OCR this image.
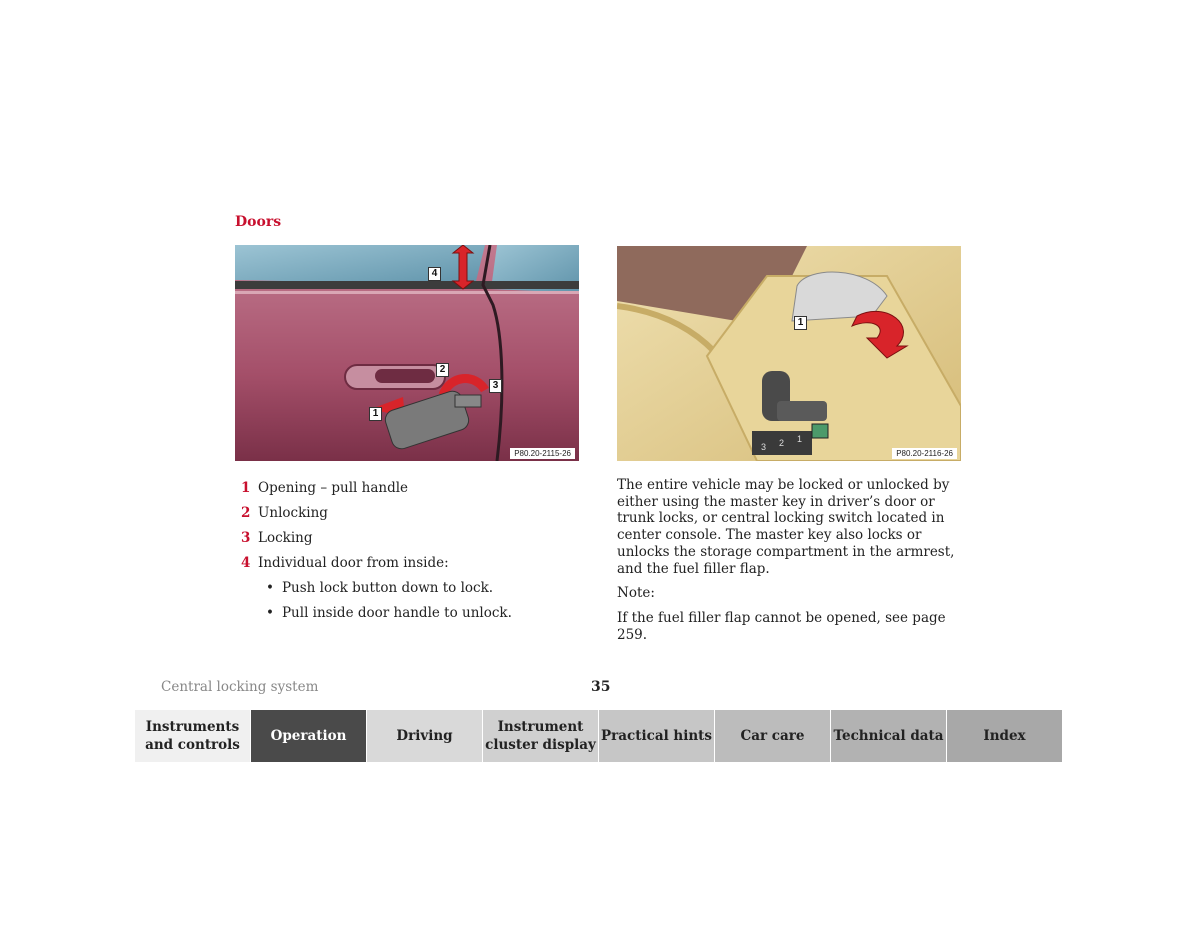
Doors
4
2
3
1
P80.20-2115-26
3 2 1
1
P80.20-2116-26
1 Opening – pull handle
2 Unlocking
3 Locking
4 Individual door from inside:
• Push lock button down to lock.
• Pull inside door handle to unlock.

The entire vehicle may be locked or unlocked by either using the master key in driver’s door or trunk locks, or central locking switch located in center console. The master key also locks or unlocks the storage compartment in the armrest, and the fuel filler flap.

Note:

If the fuel filler flap cannot be opened, see page 259.

Central locking system	35
Instruments and controls
Operation	Driving
Instrument cluster display
Practical hints	Car care	Technical data	Index
